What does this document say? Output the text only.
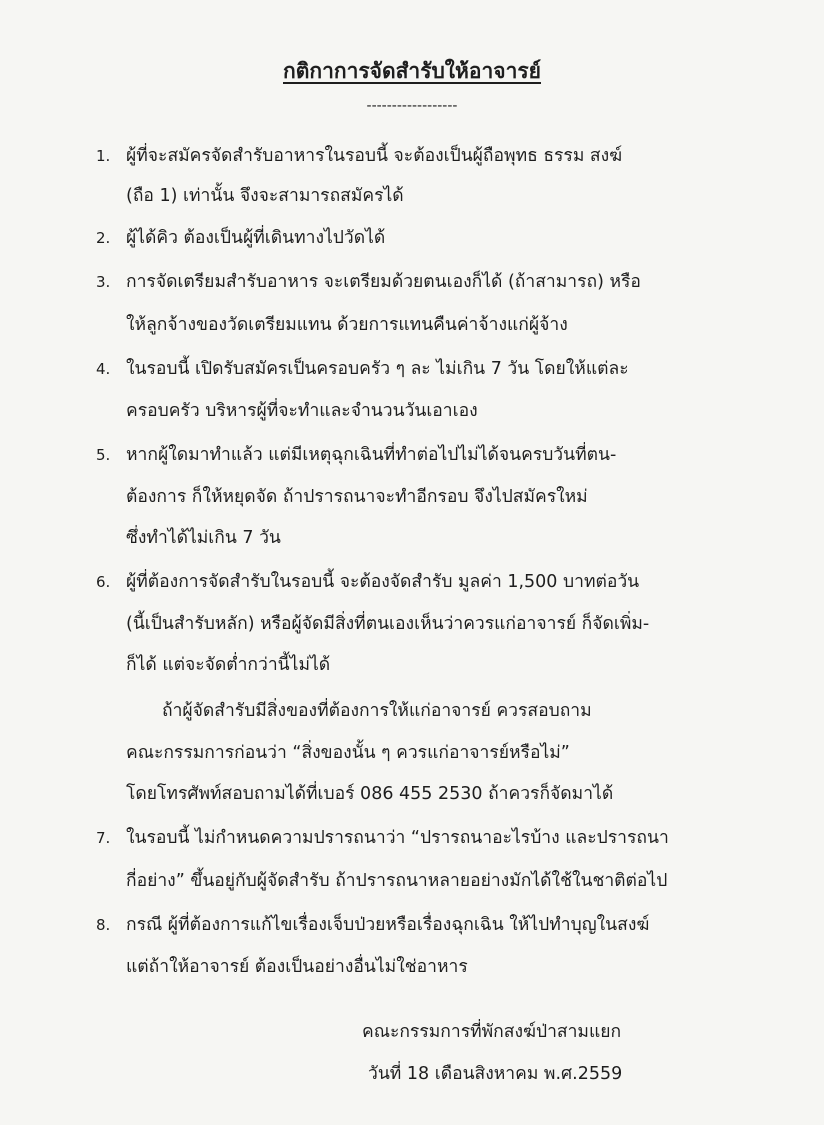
กติกาการจัดสำรับให้อาจารย์
------------------
1. ผู้ที่จะสมัครจัดสำรับอาหารในรอบนี้ จะต้องเป็นผู้ถือพุทธ ธรรม สงฆ์
(ถือ 1) เท่านั้น จึงจะสามารถสมัครได้
2. ผู้ได้คิว ต้องเป็นผู้ที่เดินทางไปวัดได้
3. การจัดเตรียมสำรับอาหาร จะเตรียมด้วยตนเองก็ได้ (ถ้าสามารถ) หรือ
ให้ลูกจ้างของวัดเตรียมแทน ด้วยการแทนคืนค่าจ้างแก่ผู้จ้าง
4. ในรอบนี้ เปิดรับสมัครเป็นครอบครัว ๆ ละ ไม่เกิน 7 วัน โดยให้แต่ละ
ครอบครัว บริหารผู้ที่จะทำและจำนวนวันเอาเอง
5. หากผู้ใดมาทำแล้ว แต่มีเหตุฉุกเฉินที่ทำต่อไปไม่ได้จนครบวันที่ตน-
ต้องการ ก็ให้หยุดจัด ถ้าปรารถนาจะทำอีกรอบ จึงไปสมัครใหม่
ซึ่งทำได้ไม่เกิน 7 วัน
6. ผู้ที่ต้องการจัดสำรับในรอบนี้ จะต้องจัดสำรับ มูลค่า 1,500 บาทต่อวัน
(นี้เป็นสำรับหลัก) หรือผู้จัดมีสิ่งที่ตนเองเห็นว่าควรแก่อาจารย์ ก็จัดเพิ่ม-
ก็ได้ แต่จะจัดต่ำกว่านี้ไม่ได้
ถ้าผู้จัดสำรับมีสิ่งของที่ต้องการให้แก่อาจารย์ ควรสอบถาม
คณะกรรมการก่อนว่า “สิ่งของนั้น ๆ ควรแก่อาจารย์หรือไม่”
โดยโทรศัพท์สอบถามได้ที่เบอร์ 086 455 2530 ถ้าควรก็จัดมาได้
7. ในรอบนี้ ไม่กำหนดความปรารถนาว่า “ปรารถนาอะไรบ้าง และปรารถนา
กี่อย่าง” ขึ้นอยู่กับผู้จัดสำรับ ถ้าปรารถนาหลายอย่างมักได้ใช้ในชาติต่อไป
8. กรณี ผู้ที่ต้องการแก้ไขเรื่องเจ็บป่วยหรือเรื่องฉุกเฉิน ให้ไปทำบุญในสงฆ์
แต่ถ้าให้อาจารย์ ต้องเป็นอย่างอื่นไม่ใช่อาหาร
คณะกรรมการที่พักสงฆ์ป่าสามแยก
วันที่ 18 เดือนสิงหาคม พ.ศ.2559
